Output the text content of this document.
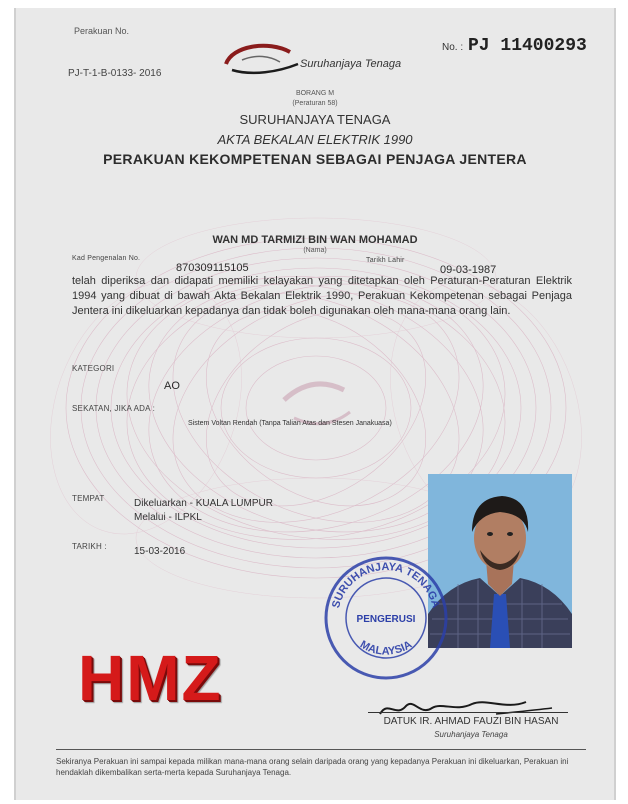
Perakuan No.
PJ-T-1-B-0133- 2016
Suruhanjaya Tenaga
No. : PJ 11400293
BORANG M
(Peraturan 58)
SURUHANJAYA TENAGA
AKTA BEKALAN ELEKTRIK 1990
PERAKUAN KEKOMPETENAN SEBAGAI PENJAGA JENTERA
WAN MD TARMIZI BIN WAN MOHAMAD
(Nama)
Kad Pengenalan No.
870309115105
Tarikh Lahir
09-03-1987
telah diperiksa dan didapati memiliki kelayakan yang ditetapkan oleh Peraturan-Peraturan Elektrik 1994 yang dibuat di bawah Akta Bekalan Elektrik 1990, Perakuan Kekompetenan sebagai Penjaga Jentera ini dikeluarkan kepadanya dan tidak boleh digunakan oleh mana-mana orang lain.
KATEGORI
AO
SEKATAN, JIKA ADA :
Sistem Voltan Rendah (Tanpa Talian Atas dan Stesen Janakuasa)
TEMPAT	Dikeluarkan - KUALA LUMPUR
Melalui - ILPKL
TARIKH :	15-03-2016
SURUHANJAYA TENAGA
MALAYSIA
PENGERUSI
HMZ
DATUK IR. AHMAD FAUZI BIN HASAN
Suruhanjaya Tenaga
Sekiranya Perakuan ini sampai kepada milikan mana-mana orang selain daripada orang yang kepadanya Perakuan ini dikeluarkan, Perakuan ini hendaklah dikembalikan serta-merta kepada Suruhanjaya Tenaga.
